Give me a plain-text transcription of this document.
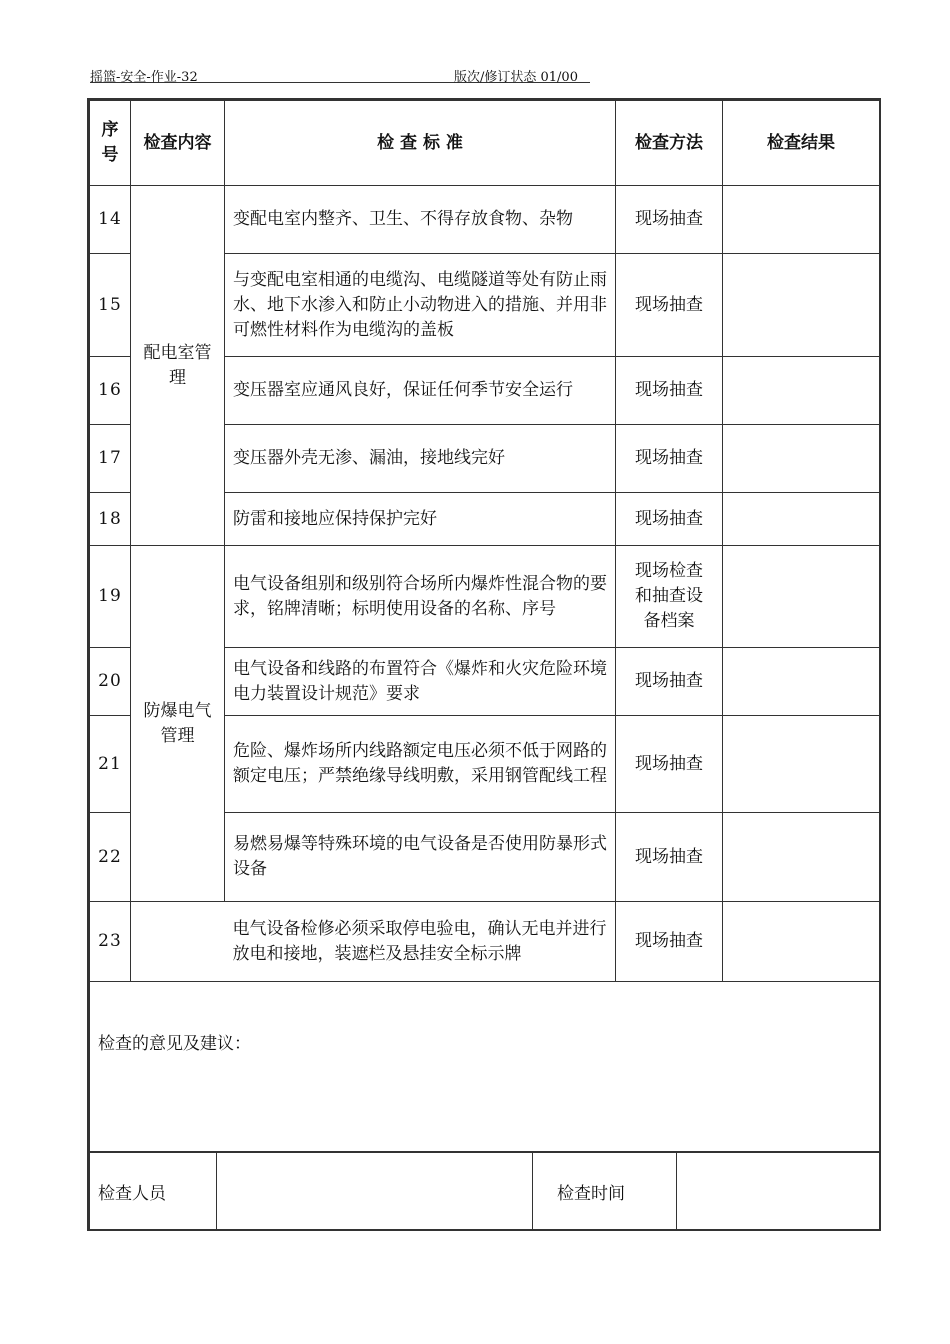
摇篮-安全-作业-32	版次/修订状态 01/00
序号	检查内容	检 查 标 准	检查方法	检查结果
14	配电室管理	变配电室内整齐、卫生、不得存放食物、杂物	现场抽查	
15		与变配电室相通的电缆沟、电缆隧道等处有防止雨水、地下水渗入和防止小动物进入的措施、并用非可燃性材料作为电缆沟的盖板	现场抽查	
16		变压器室应通风良好，保证任何季节安全运行	现场抽查	
17		变压器外壳无渗、漏油，接地线完好	现场抽查	
18		防雷和接地应保持保护完好	现场抽查	
19	防爆电气管理	电气设备组别和级别符合场所内爆炸性混合物的要求，铭牌清晰；标明使用设备的名称、序号	现场检查和抽查设备档案	
20		电气设备和线路的布置符合《爆炸和火灾危险环境电力装置设计规范》要求	现场抽查	
21		危险、爆炸场所内线路额定电压必须不低于网路的额定电压；严禁绝缘导线明敷，采用钢管配线工程	现场抽查	
22		易燃易爆等特殊环境的电气设备是否使用防暴形式设备	现场抽查	
23		电气设备检修必须采取停电验电，确认无电并进行放电和接地，装遮栏及悬挂安全标示牌	现场抽查	
检查的意见及建议：				
检查人员		检查时间	
